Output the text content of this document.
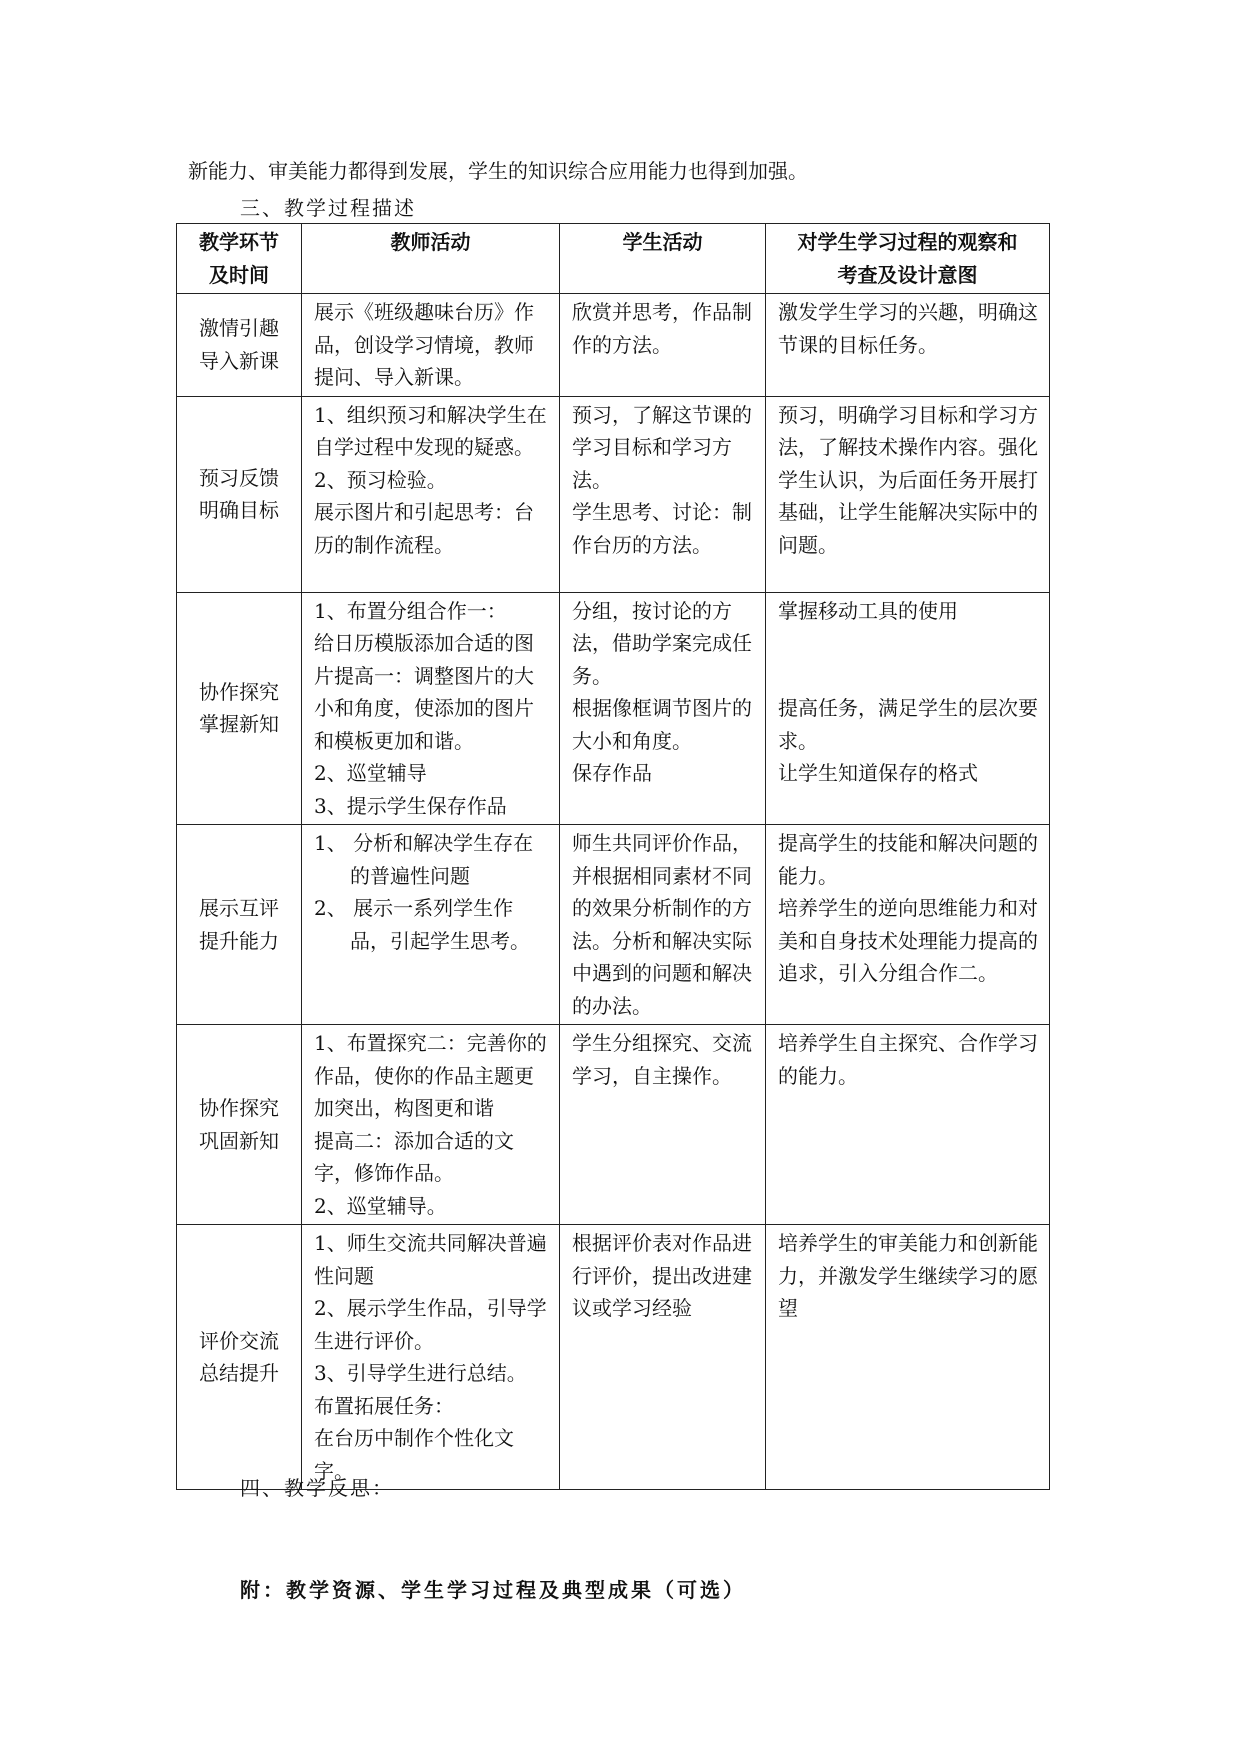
新能力、审美能力都得到发展，学生的知识综合应用能力也得到加强。
三、教学过程描述
教学环节
及时间	教师活动	学生活动	对学生学习过程的观察和
考查及设计意图

激情引趣
导入新课	展示《班级趣味台历》作品，创设学习情境，教师提问、导入新课。	欣赏并思考，作品制作的方法。	激发学生学习的兴趣，明确这节课的目标任务。

预习反馈
明确目标	1、组织预习和解决学生在自学过程中发现的疑惑。
2、预习检验。
展示图片和引起思考：台历的制作流程。	预习，了解这节课的学习目标和学习方法。
学生思考、讨论：制作台历的方法。	预习，明确学习目标和学习方法，了解技术操作内容。强化学生认识，为后面任务开展打基础，让学生能解决实际中的问题。

协作探究
掌握新知	1、布置分组合作一：
给日历模版添加合适的图片提高一：调整图片的大小和角度，使添加的图片和模板更加和谐。
2、巡堂辅导
3、提示学生保存作品	分组，按讨论的方法，借助学案完成任务。
根据像框调节图片的大小和角度。
保存作品	掌握移动工具的使用
提高任务，满足学生的层次要求。
让学生知道保存的格式

展示互评
提升能力	1、 分析和解决学生存在的普遍性问题
2、 展示一系列学生作品，引起学生思考。	师生共同评价作品，并根据相同素材不同的效果分析制作的方法。分析和解决实际中遇到的问题和解决的办法。	提高学生的技能和解决问题的能力。
培养学生的逆向思维能力和对美和自身技术处理能力提高的追求，引入分组合作二。

协作探究
巩固新知	1、布置探究二：完善你的作品，使你的作品主题更加突出，构图更和谐
提高二：添加合适的文字，修饰作品。
2、巡堂辅导。	学生分组探究、交流学习，自主操作。	培养学生自主探究、合作学习的能力。

评价交流
总结提升	1、师生交流共同解决普遍性问题
2、展示学生作品，引导学生进行评价。
3、引导学生进行总结。
布置拓展任务：
在台历中制作个性化文字。	根据评价表对作品进行评价，提出改进建议或学习经验	培养学生的审美能力和创新能力，并激发学生继续学习的愿望
四、教学反思：
附：教学资源、学生学习过程及典型成果（可选）
